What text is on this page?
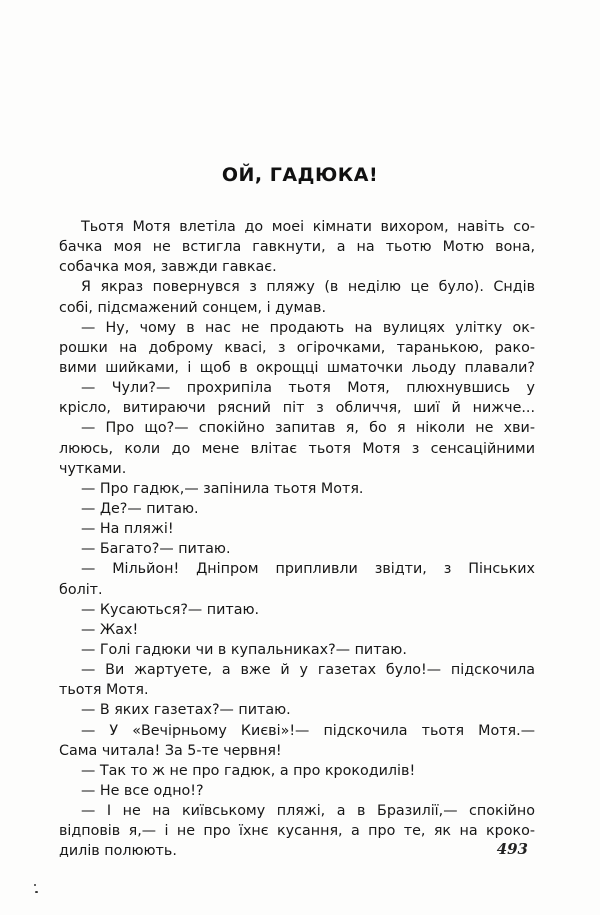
ОЙ, ГАДЮКА!
Тьотя Мотя влетіла до моеі кімнати вихором, навіть со-
бачка моя не встигла гавкнути, а на тьотю Мотю вона,
собачка моя, завжди гавкає.
Я якраз повернувся з пляжу (в неділю це було). Сндів
собі, підсмажений сонцем, і думав.
— Ну, чому в нас не продають на вулицях улітку ок-
рошки на доброму квасі, з огірочками, таранькою, рако-
вими шийками, і щоб в окрощці шматочки льоду плавали?
— Чули?— прохрипіла тьотя Мотя, плюхнувшись у
крісло, витираючи рясний піт з обличчя, шиї й нижче...
— Про що?— спокійно запитав я, бо я ніколи не хви-
лююсь, коли до мене влітає тьотя Мотя з сенсаційними
чутками.
— Про гадюк,— запінила тьотя Мотя.
— Де?— питаю.
— На пляжі!
— Багато?— питаю.
— Мільйон! Дніпром припливли звідти, з Пінських
боліт.
— Кусаються?— питаю.
— Жах!
— Голі гадюки чи в купальниках?— питаю.
— Ви жартуете, а вже й у газетах було!— підскочила
тьотя Мотя.
— В яких газетах?— питаю.
— У «Вечірньому Києві»!— підскочила тьотя Мотя.—
Сама читала! За 5-те червня!
— Так то ж не про гадюк, а про крокодилів!
— Не все одно!?
— І не на київському пляжі, а в Бразилії,— спокійно
відповів я,— і не про їхнє кусання, а про те, як на кроко-
дилів полюють.	493
